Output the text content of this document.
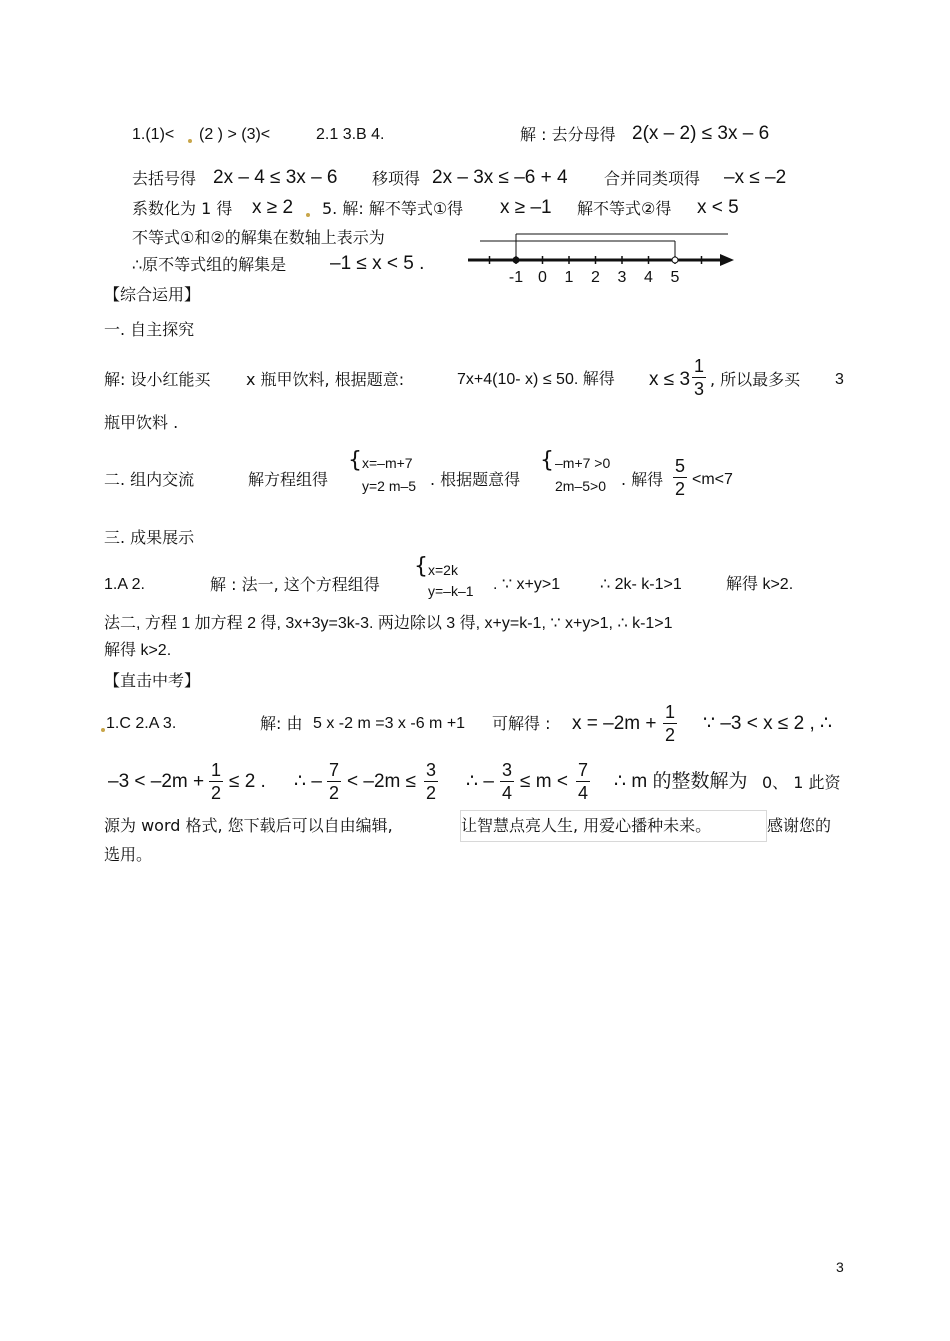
1.(1)< (2 ) > (3)<	2.1 3.B 4.	解 : 去分母得 2(x – 2) ≤ 3x – 6
去括号得 2x – 4 ≤ 3x – 6 移项得 2x – 3x ≤ –6 + 4 合并同类项得 –x ≤ –2
系数化为 1 得 x ≥ 2 5. 解: 解不等式①得 x ≥ –1 解不等式②得 x < 5
不等式①和②的解集在数轴上表示为
∴原不等式组的解集是 –1 ≤ x < 5 .
-1 0 1 2 3 4 5
【综合运用】
一. 自主探究
解: 设小红能买 x 瓶甲饮料, 根据题意:	7x+4(10- x) ≤ 50. 解得 x ≤ 3
1
3 , 所以最多买 3
瓶甲饮料 .
二. 组内交流	解方程组得
{ x=–m+7
y=2 m–5 . 根据题意得
{ –m+7 >0
2m–5>0 . 解得
5
2 <m<7
三. 成果展示
1.A 2.	解 : 法一, 这个方程组得
{ x=2k
y=–k–1 . ∵ x+y>1 ∴ 2k- k-1>1	解得 k>2.
法二, 方程 1 加方程 2 得, 3x+3y=3k-3. 两边除以 3 得, x+y=k-1, ∵ x+y>1, ∴ k-1>1
解得 k>2.
【直击中考】
1.C 2.A 3.	解: 由 5 x -2 m =3 x -6 m +1 可解得 : x = –2m +
1
2
∵ –3 < x ≤ 2 , ∴
–3 < –2m +
1
2
≤ 2 . ∴ –
7
2
< –2m ≤
3
2
∴ –
3
4
≤ m <
7
4
∴ m 的整数解为 0、 1 此资
源为 word 格式, 您下载后可以自由编辑,	让智慧点亮人生, 用爱心播种未来。	感谢您的
选用。
3
